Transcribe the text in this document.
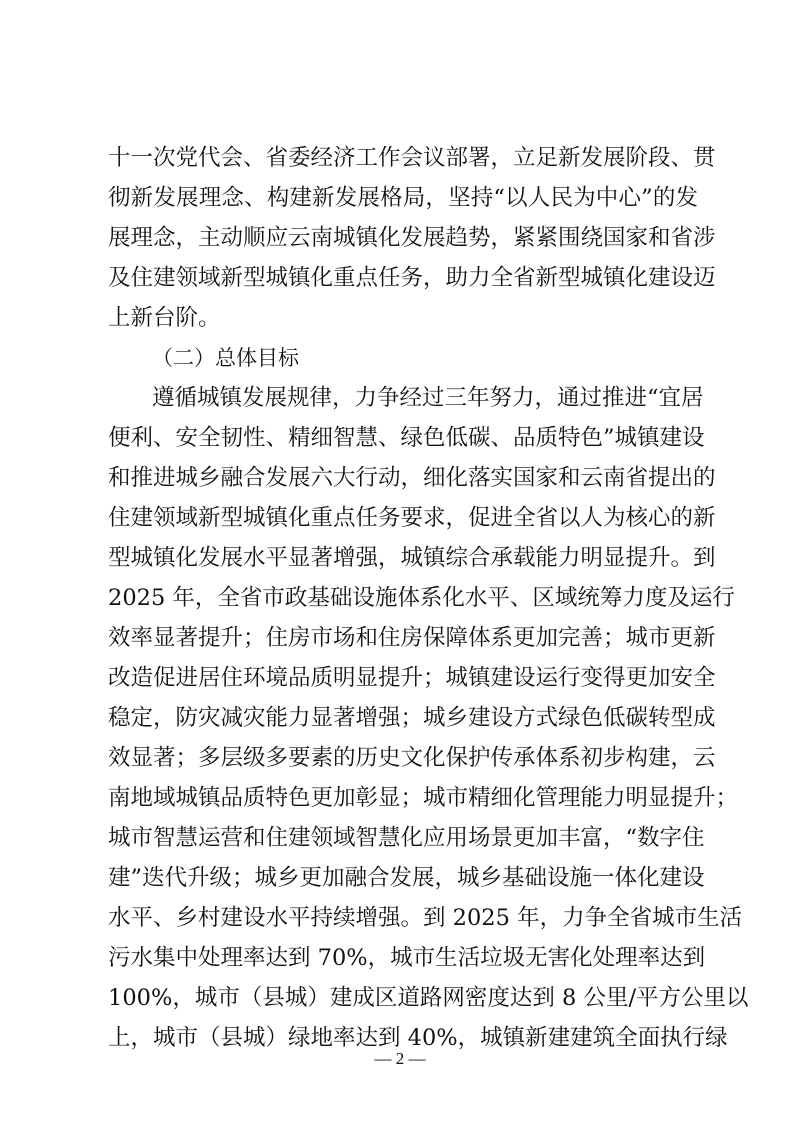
十一次党代会、省委经济工作会议部署，立足新发展阶段、贯
彻新发展理念、构建新发展格局，坚持“以人民为中心”的发
展理念，主动顺应云南城镇化发展趋势，紧紧围绕国家和省涉
及住建领域新型城镇化重点任务，助力全省新型城镇化建设迈
上新台阶。
（二）总体目标
遵循城镇发展规律，力争经过三年努力，通过推进“宜居
便利、安全韧性、精细智慧、绿色低碳、品质特色”城镇建设
和推进城乡融合发展六大行动，细化落实国家和云南省提出的
住建领域新型城镇化重点任务要求，促进全省以人为核心的新
型城镇化发展水平显著增强，城镇综合承载能力明显提升。到
2025 年，全省市政基础设施体系化水平、区域统筹力度及运行
效率显著提升；住房市场和住房保障体系更加完善；城市更新
改造促进居住环境品质明显提升；城镇建设运行变得更加安全
稳定，防灾减灾能力显著增强；城乡建设方式绿色低碳转型成
效显著；多层级多要素的历史文化保护传承体系初步构建，云
南地域城镇品质特色更加彰显；城市精细化管理能力明显提升；
城市智慧运营和住建领域智慧化应用场景更加丰富，“数字住
建”迭代升级；城乡更加融合发展，城乡基础设施一体化建设
水平、乡村建设水平持续增强。到 2025 年，力争全省城市生活
污水集中处理率达到 70%，城市生活垃圾无害化处理率达到
100%，城市（县城）建成区道路网密度达到 8 公里/平方公里以
上，城市（县城）绿地率达到 40%，城镇新建建筑全面执行绿
— 2 —
